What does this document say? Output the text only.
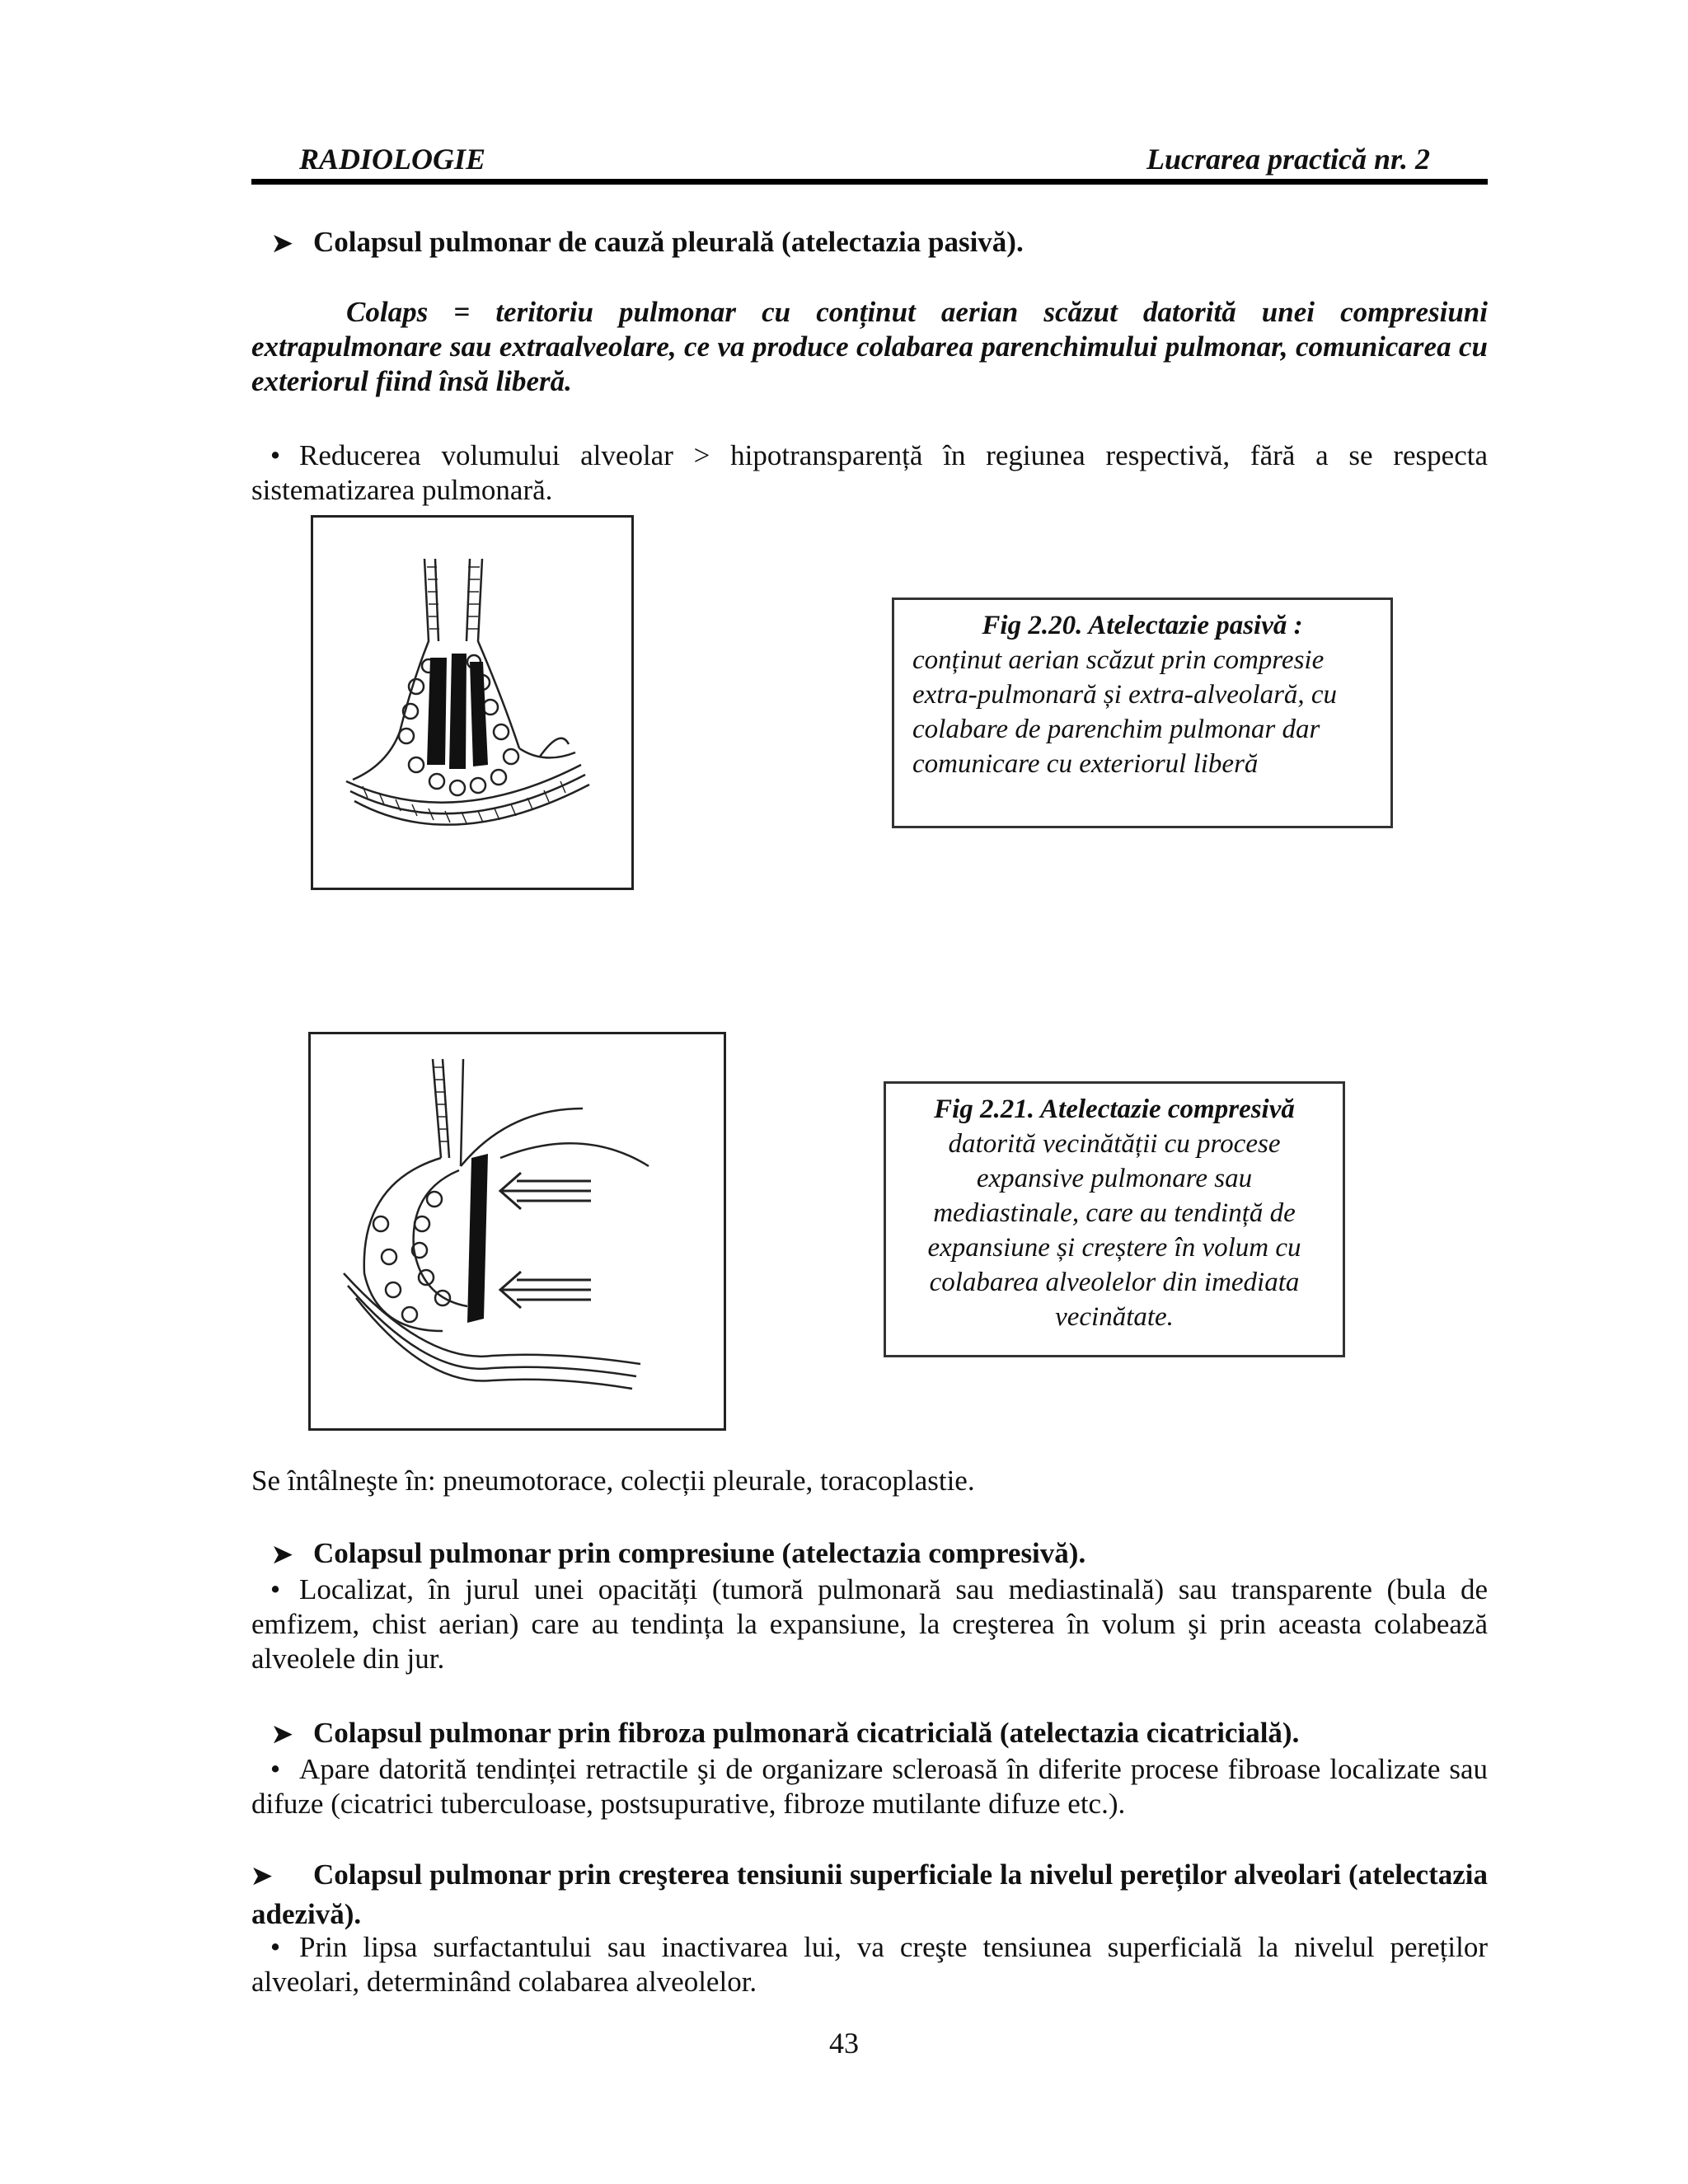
RADIOLOGIE	Lucrarea practică nr. 2
➤ Colapsul pulmonar de cauză pleurală (atelectazia pasivă).
Colaps = teritoriu pulmonar cu conținut aerian scăzut datorită unei compresiuni extrapulmonare sau extraalveolare, ce va produce colabarea parenchimului pulmonar, comunicarea cu exteriorul fiind însă liberă.
• Reducerea volumului alveolar > hipotransparență în regiunea respectivă, fără a se respecta sistematizarea pulmonară.
Fig 2.20. Atelectazie pasivă :
conținut aerian scăzut prin compresie extra-pulmonară și extra-alveolară, cu colabare de parenchim pulmonar dar comunicare cu exteriorul liberă
Fig 2.21. Atelectazie compresivă
datorită vecinătății cu procese expansive pulmonare sau mediastinale, care au tendință de expansiune și creștere în volum cu colabarea alveolelor din imediata vecinătate.
Se întâlneşte în: pneumotorace, colecții pleurale, toracoplastie.
➤ Colapsul pulmonar prin compresiune (atelectazia compresivă).
• Localizat, în jurul unei opacități (tumoră pulmonară sau mediastinală) sau transparente (bula de emfizem, chist aerian) care au tendința la expansiune, la creşterea în volum şi prin aceasta colabează alveolele din jur.
➤ Colapsul pulmonar prin fibroza pulmonară cicatricială (atelectazia cicatricială).
• Apare datorită tendinței retractile şi de organizare scleroasă în diferite procese fibroase localizate sau difuze (cicatrici tuberculoase, postsupurative, fibroze mutilante difuze etc.).
➤ Colapsul pulmonar prin creşterea tensiunii superficiale la nivelul pereților alveolari (atelectazia adezivă).
• Prin lipsa surfactantului sau inactivarea lui, va creşte tensiunea superficială la nivelul pereților alveolari, determinând colabarea alveolelor.
43
